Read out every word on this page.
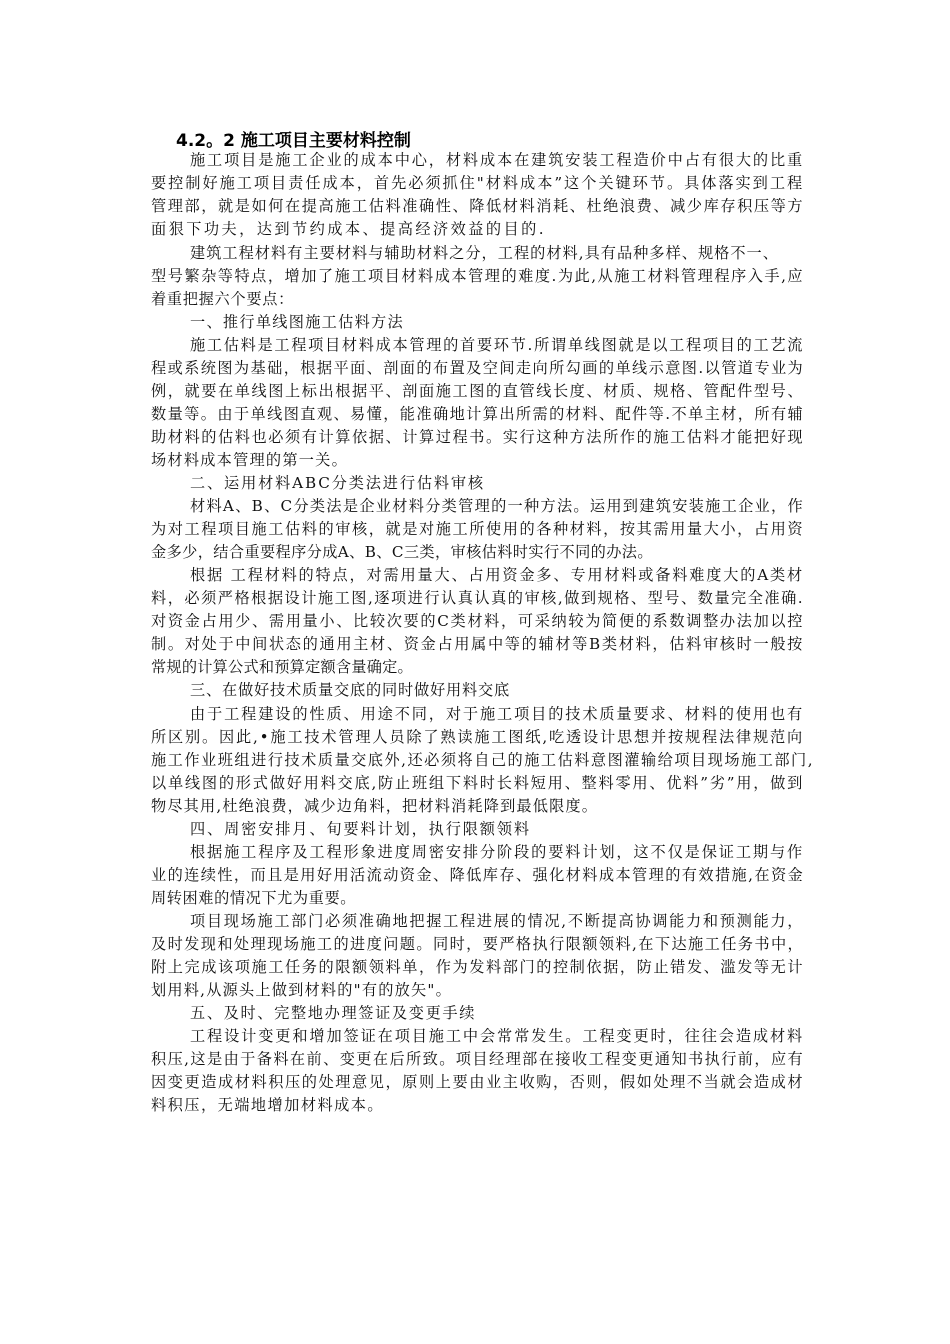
4.2。2 施工项目主要材料控制

施工项目是施工企业的成本中心，材料成本在建筑安装工程造价中占有很大的比重

要控制好施工项目责任成本，首先必须抓住"材料成本”这个关键环节。具体落实到工程

管理部，就是如何在提高施工估料准确性、降低材料消耗、杜绝浪费、减少库存积压等方

面狠下功夫，达到节约成本、提高经济效益的目的.

建筑工程材料有主要材料与辅助材料之分，工程的材料,具有品种多样、规格不一、

型号繁杂等特点，增加了施工项目材料成本管理的难度.为此,从施工材料管理程序入手,应

着重把握六个要点：

一、推行单线图施工估料方法

施工估料是工程项目材料成本管理的首要环节.所谓单线图就是以工程项目的工艺流

程或系统图为基础，根据平面、剖面的布置及空间走向所勾画的单线示意图.以管道专业为

例，就要在单线图上标出根据平、剖面施工图的直管线长度、材质、规格、管配件型号、

数量等。由于单线图直观、易懂，能准确地计算出所需的材料、配件等.不单主材，所有辅

助材料的估料也必须有计算依据、计算过程书。实行这种方法所作的施工估料才能把好现

场材料成本管理的第一关。

二、运用材料ABC分类法进行估料审核

材料A、B、C分类法是企业材料分类管理的一种方法。运用到建筑安装施工企业，作

为对工程项目施工估料的审核，就是对施工所使用的各种材料，按其需用量大小，占用资

金多少，结合重要程序分成A、B、C三类，审核估料时实行不同的办法。

根据 工程材料的特点，对需用量大、占用资金多、专用材料或备料难度大的A类材

料，必须严格根据设计施工图,逐项进行认真认真的审核,做到规格、型号、数量完全准确.

对资金占用少、需用量小、比较次要的C类材料，可采纳较为简便的系数调整办法加以控

制。对处于中间状态的通用主材、资金占用属中等的辅材等B类材料，估料审核时一般按

常规的计算公式和预算定额含量确定。

三、在做好技术质量交底的同时做好用料交底

由于工程建设的性质、用途不同，对于施工项目的技术质量要求、材料的使用也有

所区别。因此,•施工技术管理人员除了熟读施工图纸,吃透设计思想并按规程法律规范向

施工作业班组进行技术质量交底外,还必须将自己的施工估料意图灌输给项目现场施工部门,

以单线图的形式做好用料交底,防止班组下料时长料短用、整料零用、优料”劣”用，做到

物尽其用,杜绝浪费，减少边角料，把材料消耗降到最低限度。

四、周密安排月、旬要料计划，执行限额领料

根据施工程序及工程形象进度周密安排分阶段的要料计划，这不仅是保证工期与作

业的连续性，而且是用好用活流动资金、降低库存、强化材料成本管理的有效措施,在资金

周转困难的情况下尤为重要。

项目现场施工部门必须准确地把握工程进展的情况,不断提高协调能力和预测能力，

及时发现和处理现场施工的进度问题。同时，要严格执行限额领料,在下达施工任务书中，

附上完成该项施工任务的限额领料单，作为发料部门的控制依据，防止错发、滥发等无计

划用料,从源头上做到材料的"有的放矢"。

五、及时、完整地办理签证及变更手续

工程设计变更和增加签证在项目施工中会常常发生。工程变更时，往往会造成材料

积压,这是由于备料在前、变更在后所致。项目经理部在接收工程变更通知书执行前，应有

因变更造成材料积压的处理意见，原则上要由业主收购，否则，假如处理不当就会造成材

料积压，无端地增加材料成本。
